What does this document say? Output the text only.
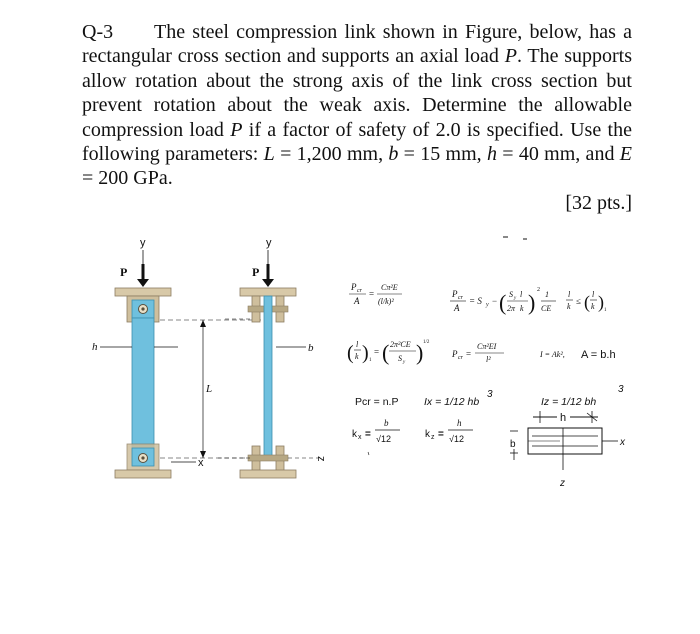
Q-3 The steel compression link shown in Figure, below, has a rectangular cross section and supports an axial load P. The supports allow rotation about the strong axis of the link cross section but prevent rotation about the weak axis. Determine the allowable compression load P if a factor of safety of 2.0 is specified. Use the following parameters: L = 1,200 mm, b = 15 mm, h = 40 mm, and E = 200 GPa.
[32 pts.]
y
P
h
x
L
y
P
b
z
P cr
A
=
Cπ²E
(l/k)²
P cr
A
= S y − ( S y l
2π k ) 2 1
CE
l
k
≤ ( l
k ) 1
( l
k ) 1
= ( 2π²CE
S y ) 1/2
P cr =
Cπ²EI
l²
I = Ak², A = b.h
Pcr = n.P Ix = 1/12 hb
3
Iz = 1/12 bh
3
k x =
b
√12	k z =
h
√12
h
x
b
z
